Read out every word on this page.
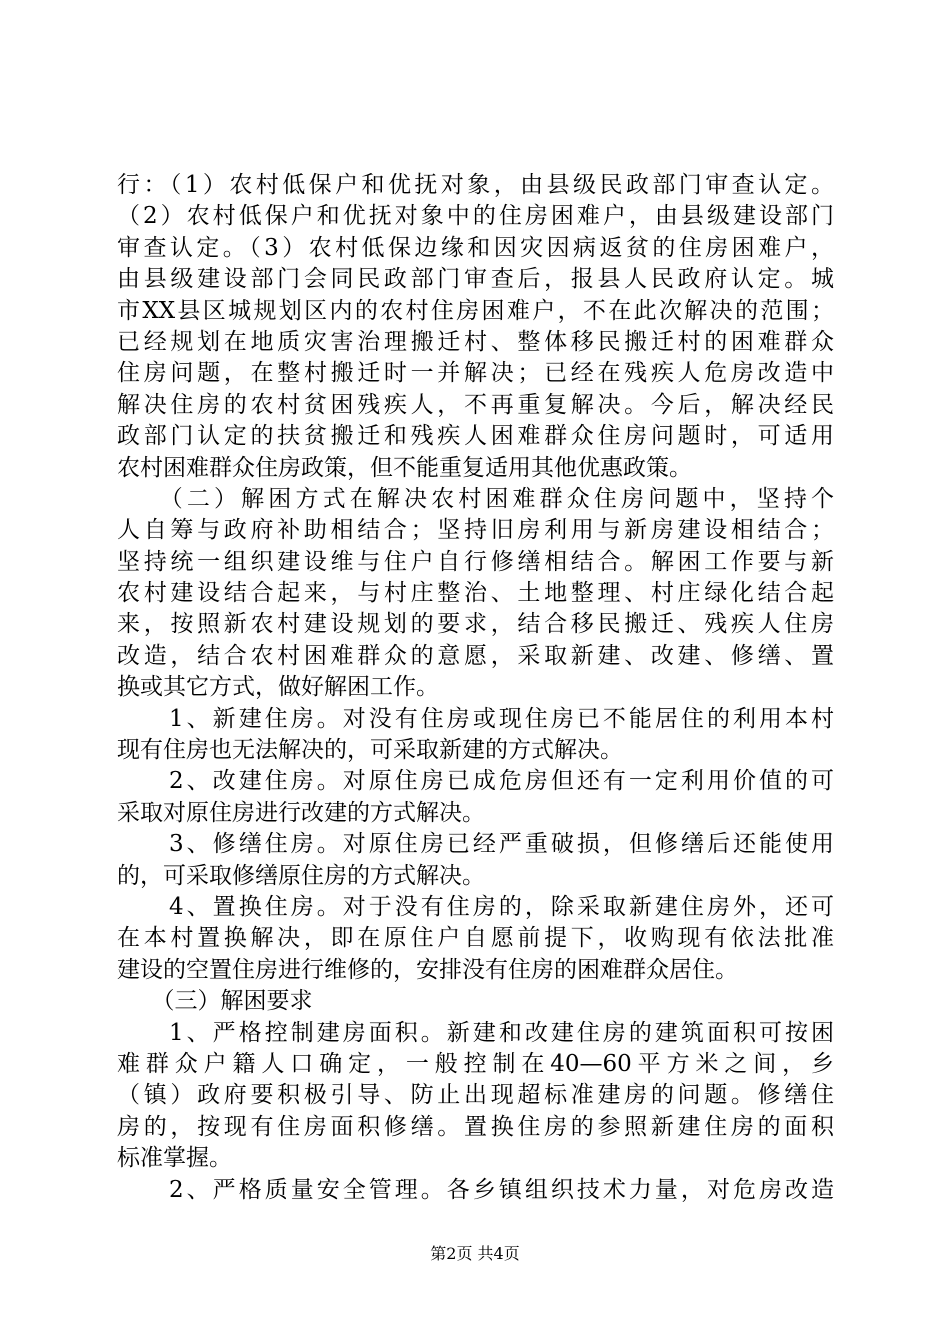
行：（1）农村低保户和优抚对象，由县级民政部门审查认定。
（2）农村低保户和优抚对象中的住房困难户，由县级建设部门
审查认定。（3）农村低保边缘和因灾因病返贫的住房困难户，
由县级建设部门会同民政部门审查后，报县人民政府认定。城
市XX县区城规划区内的农村住房困难户，不在此次解决的范围；
已经规划在地质灾害治理搬迁村、整体移民搬迁村的困难群众
住房问题，在整村搬迁时一并解决；已经在残疾人危房改造中
解决住房的农村贫困残疾人，不再重复解决。今后，解决经民
政部门认定的扶贫搬迁和残疾人困难群众住房问题时，可适用
农村困难群众住房政策，但不能重复适用其他优惠政策。
　　（二）解困方式在解决农村困难群众住房问题中，坚持个
人自筹与政府补助相结合；坚持旧房利用与新房建设相结合；
坚持统一组织建设维与住户自行修缮相结合。解困工作要与新
农村建设结合起来，与村庄整治、土地整理、村庄绿化结合起
来，按照新农村建设规划的要求，结合移民搬迁、残疾人住房
改造，结合农村困难群众的意愿，采取新建、改建、修缮、置
换或其它方式，做好解困工作。
　　1、新建住房。对没有住房或现住房已不能居住的利用本村
现有住房也无法解决的，可采取新建的方式解决。
　　2、改建住房。对原住房已成危房但还有一定利用价值的可
采取对原住房进行改建的方式解决。
　　3、修缮住房。对原住房已经严重破损，但修缮后还能使用
的，可采取修缮原住房的方式解决。
　　4、置换住房。对于没有住房的，除采取新建住房外，还可
在本村置换解决，即在原住户自愿前提下，收购现有依法批准
建设的空置住房进行维修的，安排没有住房的困难群众居住。
　　（三）解困要求
　　1、严格控制建房面积。新建和改建住房的建筑面积可按困
难群众户籍人口确定，一般控制在40—60平方米之间，乡
（镇）政府要积极引导、防止出现超标准建房的问题。修缮住
房的，按现有住房面积修缮。置换住房的参照新建住房的面积
标准掌握。
　　2、严格质量安全管理。各乡镇组织技术力量，对危房改造
第2页 共4页
